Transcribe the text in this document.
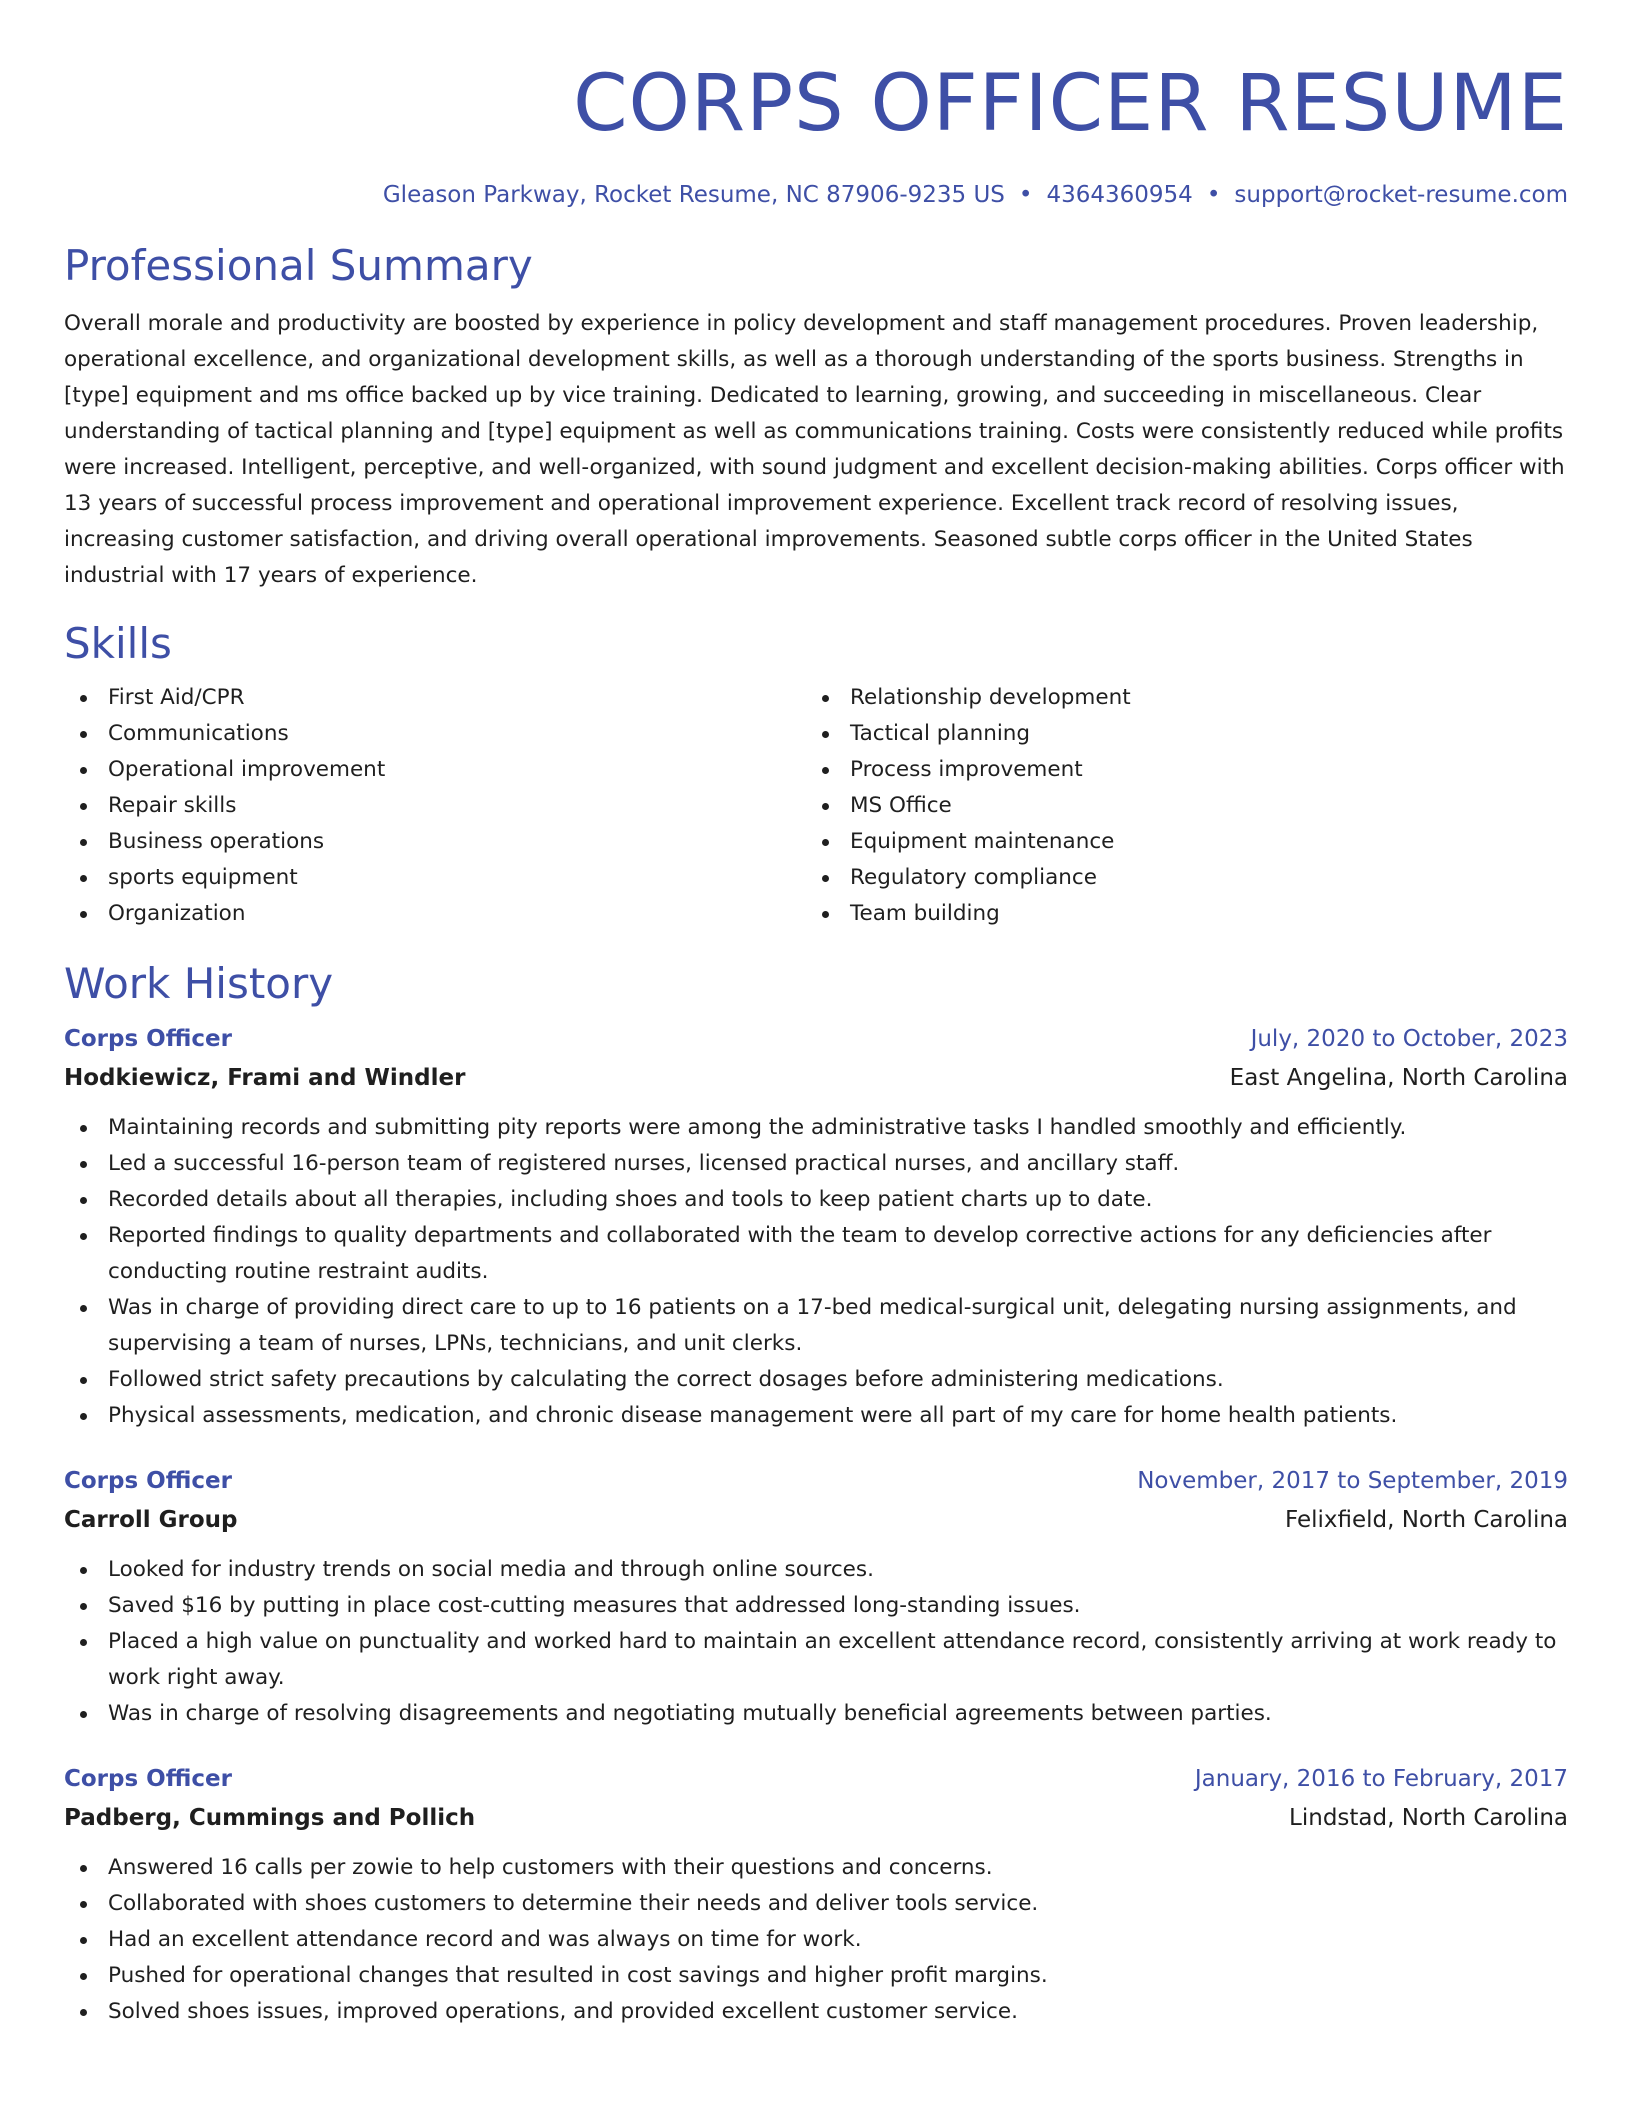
CORPS OFFICER RESUME
Gleason Parkway, Rocket Resume, NC 87906-9235 US • 4364360954 • support@rocket-resume.com
Professional Summary

Overall morale and productivity are boosted by experience in policy development and staff management procedures. Proven leadership, operational excellence, and organizational development skills, as well as a thorough understanding of the sports business. Strengths in [type] equipment and ms office backed up by vice training. Dedicated to learning, growing, and succeeding in miscellaneous. Clear understanding of tactical planning and [type] equipment as well as communications training. Costs were consistently reduced while profits were increased. Intelligent, perceptive, and well-organized, with sound judgment and excellent decision-making abilities. Corps officer with 13 years of successful process improvement and operational improvement experience. Excellent track record of resolving issues, increasing customer satisfaction, and driving overall operational improvements. Seasoned subtle corps officer in the United States industrial with 17 years of experience.

Skills
First Aid/CPR
Communications
Operational improvement
Repair skills
Business operations
sports equipment
Organization
Relationship development
Tactical planning
Process improvement
MS Office
Equipment maintenance
Regulatory compliance
Team building
Work History
Corps Officer	July, 2020 to October, 2023
Hodkiewicz, Frami and Windler	East Angelina, North Carolina
Maintaining records and submitting pity reports were among the administrative tasks I handled smoothly and efficiently.
Led a successful 16-person team of registered nurses, licensed practical nurses, and ancillary staff.
Recorded details about all therapies, including shoes and tools to keep patient charts up to date.
Reported findings to quality departments and collaborated with the team to develop corrective actions for any deficiencies after conducting routine restraint audits.
Was in charge of providing direct care to up to 16 patients on a 17-bed medical-surgical unit, delegating nursing assignments, and supervising a team of nurses, LPNs, technicians, and unit clerks.
Followed strict safety precautions by calculating the correct dosages before administering medications.
Physical assessments, medication, and chronic disease management were all part of my care for home health patients.
Corps Officer	November, 2017 to September, 2019
Carroll Group	Felixfield, North Carolina
Looked for industry trends on social media and through online sources.
Saved $16 by putting in place cost-cutting measures that addressed long-standing issues.
Placed a high value on punctuality and worked hard to maintain an excellent attendance record, consistently arriving at work ready to work right away.
Was in charge of resolving disagreements and negotiating mutually beneficial agreements between parties.
Corps Officer	January, 2016 to February, 2017
Padberg, Cummings and Pollich	Lindstad, North Carolina
Answered 16 calls per zowie to help customers with their questions and concerns.
Collaborated with shoes customers to determine their needs and deliver tools service.
Had an excellent attendance record and was always on time for work.
Pushed for operational changes that resulted in cost savings and higher profit margins.
Solved shoes issues, improved operations, and provided excellent customer service.
